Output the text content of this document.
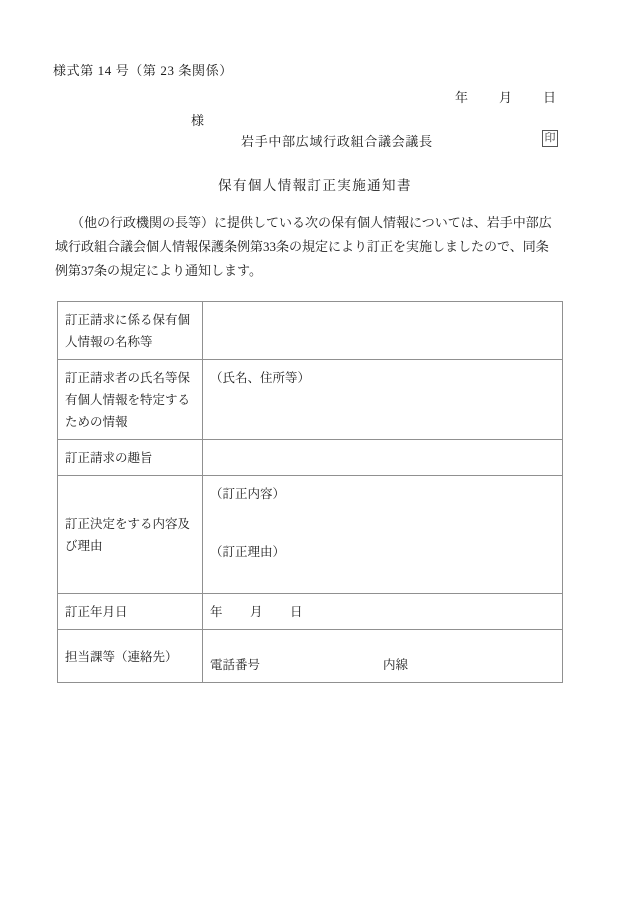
様式第 14 号（第 23 条関係）
年 月 日
様
岩手中部広域行政組合議会議長	印
保有個人情報訂正実施通知書

（他の行政機関の長等）に提供している次の保有個人情報については、岩手中部広

域行政組合議会個人情報保護条例第33条の規定により訂正を実施しましたので、同条

例第37条の規定により通知します。

訂正請求に係る保有個人情報の名称等	

訂正請求者の氏名等保有個人情報を特定するための情報	（氏名、住所等）

訂正請求の趣旨	

訂正決定をする内容及び理由	（訂正内容）
（訂正理由）

訂正年月日	年 月 日

担当課等（連絡先）	電話番号 内線
